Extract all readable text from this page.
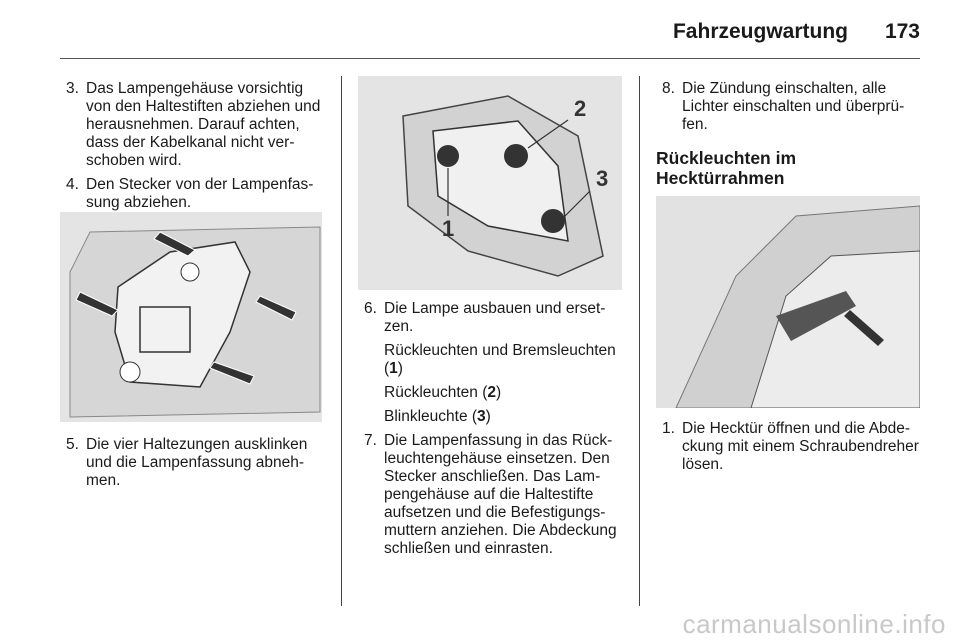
Fahrzeugwartung 173
3. Das Lampengehäuse vorsichtig von den Haltestiften abziehen und herausnehmen. Darauf achten, dass der Kabelkanal nicht verschoben wird.
4. Den Stecker von der Lampenfassung abziehen.
5. Die vier Haltezungen ausklinken und die Lampenfassung abnehmen.
1
2
3
6. Die Lampe ausbauen und ersetzen.
Rückleuchten und Bremsleuchten (1)
Rückleuchten (2)
Blinkleuchte (3)
7. Die Lampenfassung in das Rückleuchtengehäuse einsetzen. Den Stecker anschließen. Das Lampengehäuse auf die Haltestifte aufsetzen und die Befestigungsmuttern anziehen. Die Abdeckung schließen und einrasten.
8. Die Zündung einschalten, alle Lichter einschalten und überprüfen.
Rückleuchten im Hecktürrahmen
1. Die Hecktür öffnen und die Abdeckung mit einem Schraubendreher lösen.
carmanualsonline.info
